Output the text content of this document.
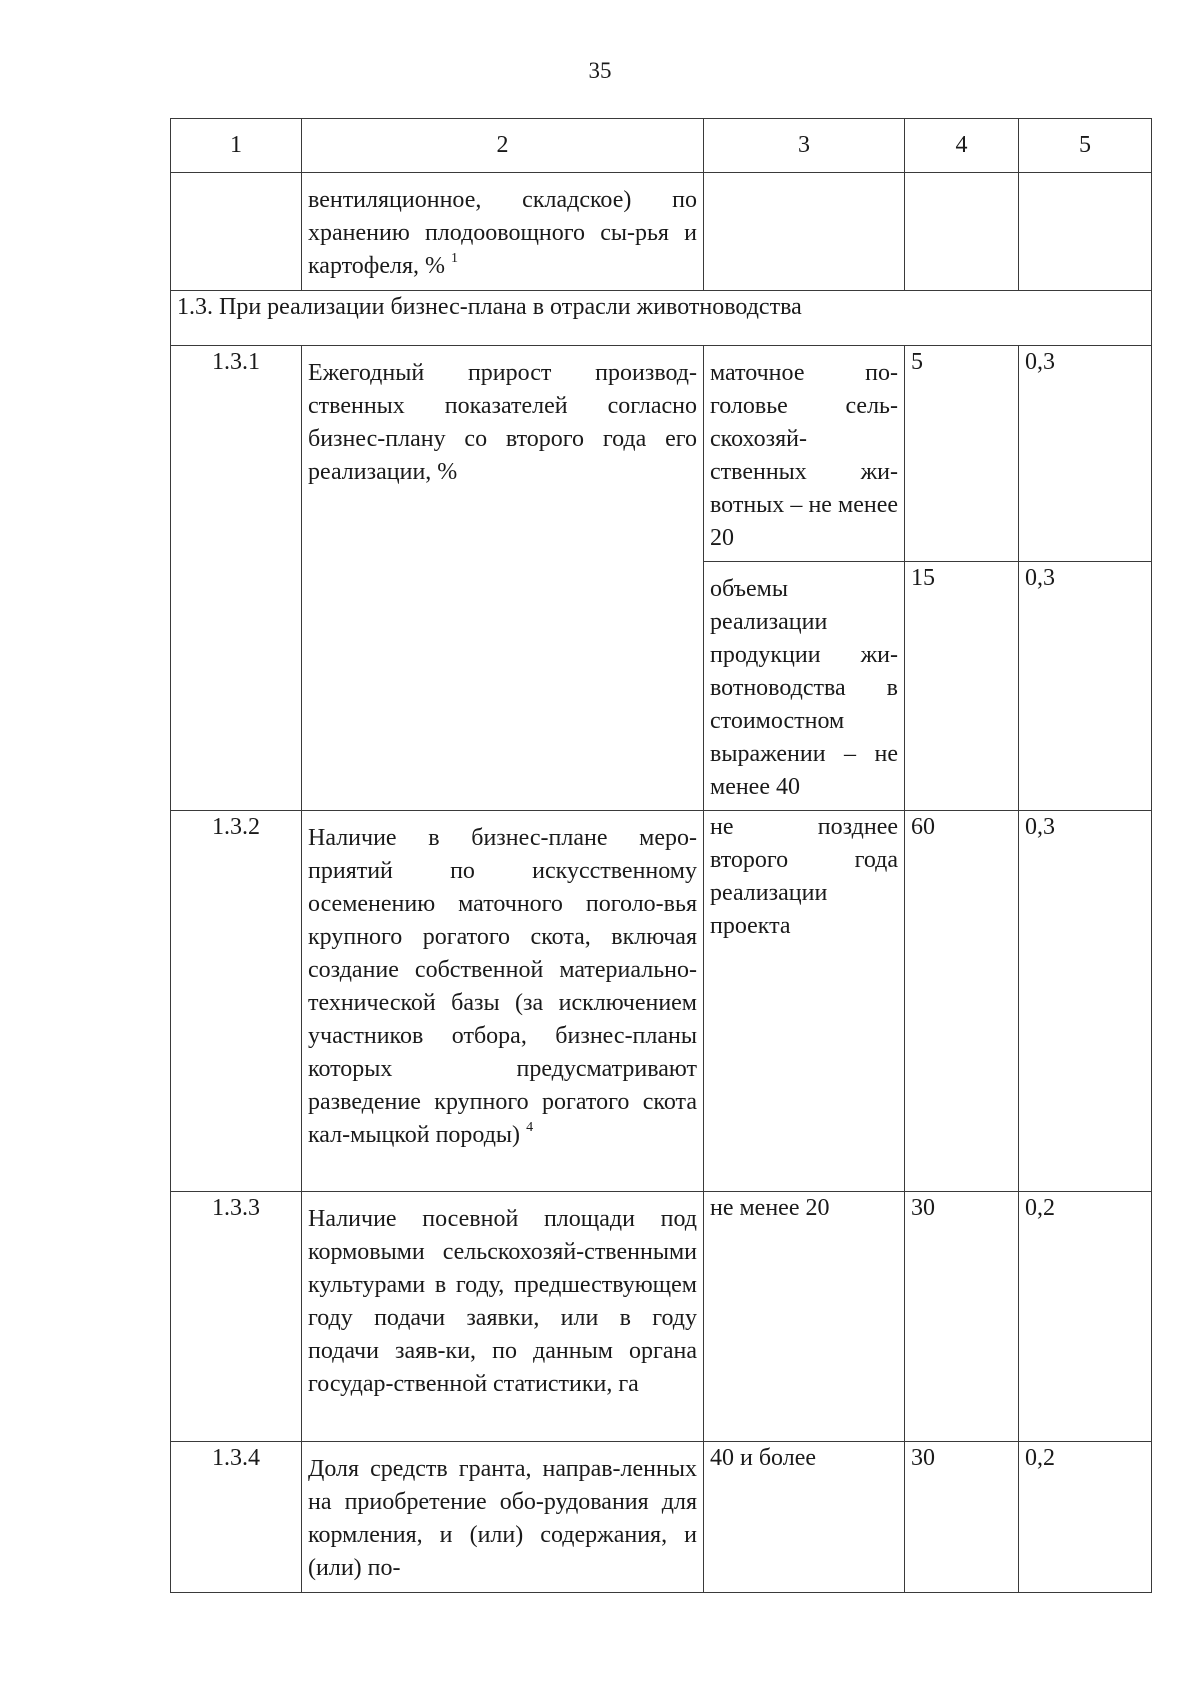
35
1	2	3	4	5
	вентиляционное, складское) по хранению плодоовощного сы-рья и картофеля, % $^1$			
1.3. При реализации бизнес-плана в отрасли животноводства				
1.3.1	Ежегодный прирост производ-ственных показателей согласно бизнес-плану со второго года его реализации, %	маточное по-головье сель-скохозяй-ственных жи-вотных – не менее 20	5	0,3
		объемы реализации продукции жи-вотноводства в стоимостном выражении – не менее 40	15	0,3
1.3.2	Наличие в бизнес-плане меро-приятий по искусственному осеменению маточного поголо-вья крупного рогатого скота, включая создание собственной материально-технической базы (за исключением участников отбора, бизнес-планы которых предусматривают разведение крупного рогатого скота кал-мыцкой породы) $^4$	не позднее второго года реализации проекта	60	0,3
1.3.3	Наличие посевной площади под кормовыми сельскохозяй-ственными культурами в году, предшествующем году подачи заявки, или в году подачи заяв-ки, по данным органа государ-ственной статистики, га	не менее 20	30	0,2
1.3.4	Доля средств гранта, направ-ленных на приобретение обо-рудования для кормления, и (или) содержания, и (или) по-	40 и более	30	0,2
